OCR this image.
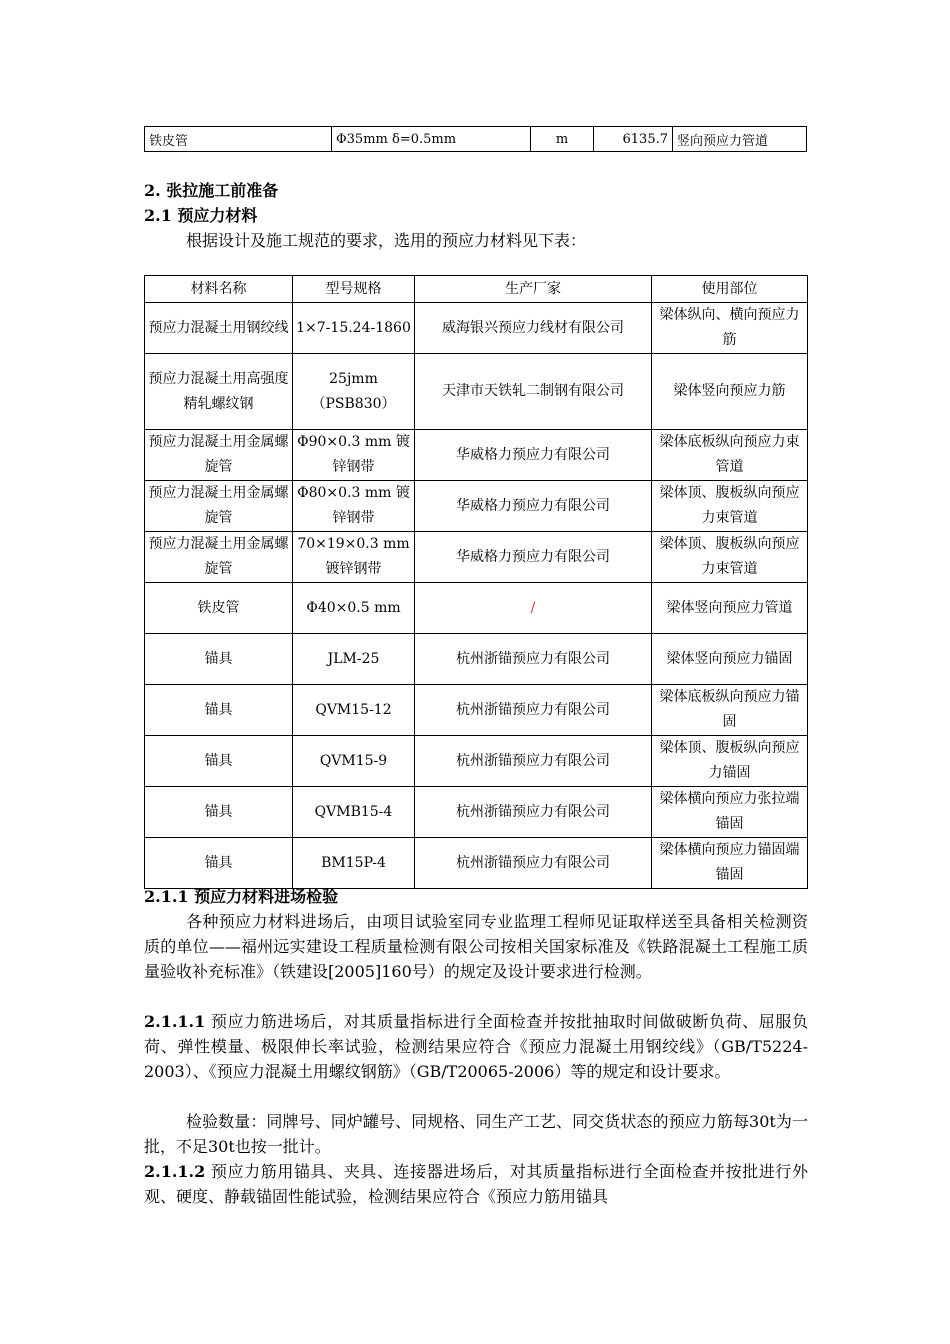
铁皮管	Φ35mm δ=0.5mm	m	6135.7	竖向预应力管道
2. 张拉施工前准备
2.1 预应力材料

根据设计及施工规范的要求，选用的预应力材料见下表：

材料名称	型号规格	生产厂家	使用部位
预应力混凝土用钢绞线	1×7-15.24-1860	威海银兴预应力线材有限公司	梁体纵向、横向预应力筋
预应力混凝土用高强度精轧螺纹钢	25jmm（PSB830）	天津市天铁轧二制钢有限公司	梁体竖向预应力筋
预应力混凝土用金属螺旋管	Φ90×0.3 mm 镀锌钢带	华威格力预应力有限公司	梁体底板纵向预应力束管道
预应力混凝土用金属螺旋管	Φ80×0.3 mm 镀锌钢带	华威格力预应力有限公司	梁体顶、腹板纵向预应力束管道
预应力混凝土用金属螺旋管	70×19×0.3 mm 镀锌钢带	华威格力预应力有限公司	梁体顶、腹板纵向预应力束管道
铁皮管	Φ40×0.5 mm	/	梁体竖向预应力管道
锚具	JLM-25	杭州浙锚预应力有限公司	梁体竖向预应力锚固
锚具	QVM15-12	杭州浙锚预应力有限公司	梁体底板纵向预应力锚固
锚具	QVM15-9	杭州浙锚预应力有限公司	梁体顶、腹板纵向预应力锚固
锚具	QVMB15-4	杭州浙锚预应力有限公司	梁体横向预应力张拉端锚固
锚具	BM15P-4	杭州浙锚预应力有限公司	梁体横向预应力锚固端锚固
2.1.1 预应力材料进场检验

各种预应力材料进场后，由项目试验室同专业监理工程师见证取样送至具备相关检测资质的单位——福州远实建设工程质量检测有限公司按相关国家标准及《铁路混凝土工程施工质量验收补充标准》（铁建设[2005]160号）的规定及设计要求进行检测。

2.1.1.1 预应力筋进场后，对其质量指标进行全面检查并按批抽取时间做破断负荷、屈服负荷、弹性模量、极限伸长率试验，检测结果应符合《预应力混凝土用钢绞线》（GB/T5224-2003）、《预应力混凝土用螺纹钢筋》（GB/T20065-2006）等的规定和设计要求。

检验数量：同牌号、同炉罐号、同规格、同生产工艺、同交货状态的预应力筋每30t为一批，不足30t也按一批计。

2.1.1.2 预应力筋用锚具、夹具、连接器进场后，对其质量指标进行全面检查并按批进行外观、硬度、静载锚固性能试验，检测结果应符合《预应力筋用锚具
